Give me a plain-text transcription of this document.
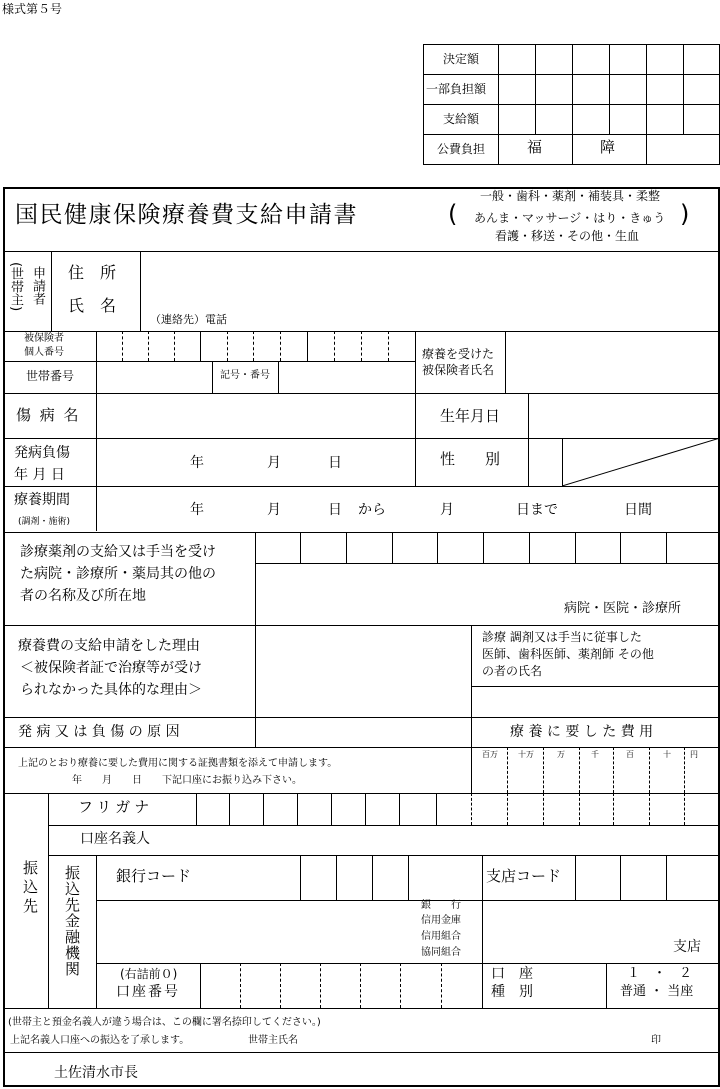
様式第５号
決定額
一部負担額
支給額
公費負担	福	障
国民健康保険療養費支給申請書	(	)
一般・歯科・薬剤・補装具・柔整
あんま・マッサージ・はり・きゅう
看護・移送・その他・生血
申請者
(世帯主)	住　所
氏　名
（連絡先）電話
被保険者
個人番号
世帯番号	記号・番号
療養を受けた
被保険者氏名
傷 病 名	生年月日
発病負傷
年 月 日
年	月	日	性　　別
療養期間
(調剤・施術)
年	月	日 から	月	日まで	日間
診療薬剤の支給又は手当を受け
た病院・診療所・薬局其の他の
者の名称及び所在地
病院・医院・診療所
療養費の支給申請をした理由
＜被保険者証で治療等が受け
られなかった具体的な理由＞
診療 調剤又は手当に従事した
医師、歯科医師、薬剤師 その他
の者の氏名
発 病 又 は 負 傷 の 原 因	療 養 に 要 し た 費 用
上記のとおり療養に要した費用に関する証拠書類を添えて申請します。
年　　月　　日　　下記口座にお振り込み下さい。
百万	十万	万	千	百	十 円
振込先
フリガナ
口座名義人
振込先金融機関 銀行コード	支店コード
銀　　行
信用金庫
信用組合
協同組合	支店
(右詰前０)
口座番号
口　座
種　別
１　・　２
普通 ・ 当座
(世帯主と預金名義人が違う場合は、この欄に署名捺印してください。)
上記名義人口座への振込を了承します。	世帯主氏名	印
土佐清水市長
